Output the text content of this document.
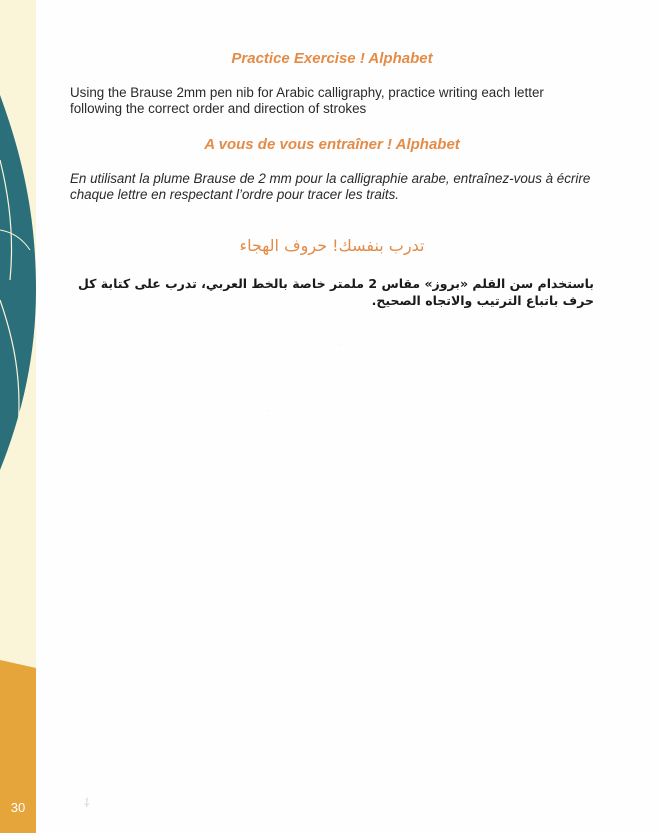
30
Practice Exercise ! Alphabet

Using the Brause 2mm pen nib for Arabic calligraphy, practice writing each letter following the correct order and direction of strokes

A vous de vous entraîner ! Alphabet

En utilisant la plume Brause de 2 mm pour la calligraphie arabe, entraînez-vous à écrire chaque lettre en respectant l’ordre pour tracer les traits.

تدرب بنفسك! حروف الهجاء

باستخدام سن القلم «بروز» مقاس 2 ملمتر خاصة بالخط العربي، تدرب على كتابة كل حرف باتباع الترتيب والاتجاه الصحيح.

⸸
·
·
